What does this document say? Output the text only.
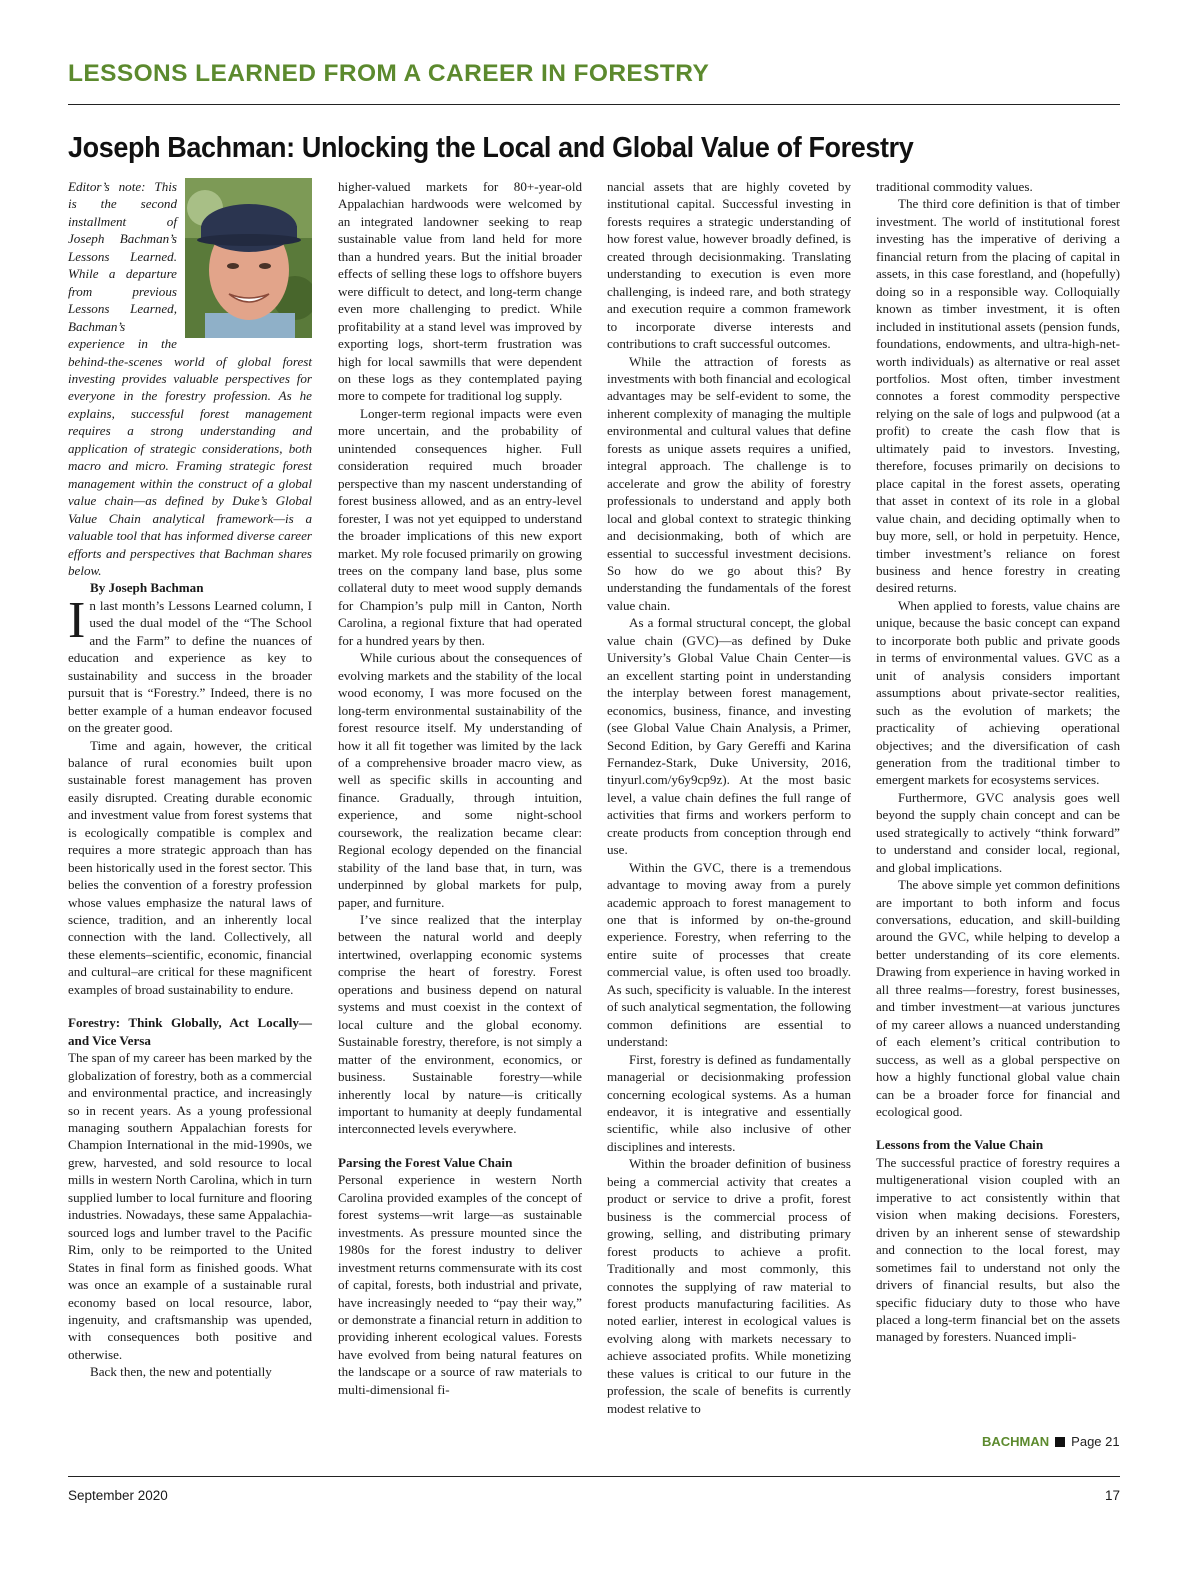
LESSONS LEARNED FROM A CAREER IN FORESTRY
Joseph Bachman: Unlocking the Local and Global Value of Forestry

Editor’s note: This is the second installment of Joseph Bachman’s Lessons Learned. While a departure from previous Lessons Learned, Bachman’s experience in the behind-the-scenes world of global forest investing provides valuable perspectives for everyone in the forestry profession. As he explains, successful forest management requires a strong understanding and application of strategic considerations, both macro and micro. Framing strategic forest management within the construct of a global value chain—as defined by Duke’s Global Value Chain analytical framework—is a valuable tool that has informed diverse career efforts and perspectives that Bachman shares below.

By Joseph Bachman

In last month’s Lessons Learned column, I used the dual model of the “The School and the Farm” to define the nuances of education and experience as key to sustainability and success in the broader pursuit that is “Forestry.” Indeed, there is no better example of a human endeavor focused on the greater good.

Time and again, however, the critical balance of rural economies built upon sustainable forest management has proven easily disrupted. Creating durable economic and investment value from forest systems that is ecologically compatible is complex and requires a more strategic approach than has been historically used in the forest sector. This belies the convention of a forestry profession whose values emphasize the natural laws of science, tradition, and an inherently local connection with the land. Collectively, all these elements–scientific, economic, financial and cultural–are critical for these magnificent examples of broad sustainability to endure.

Forestry: Think Globally, Act Locally—and Vice Versa

The span of my career has been marked by the globalization of forestry, both as a commercial and environmental practice, and increasingly so in recent years. As a young professional managing southern Appalachian forests for Champion International in the mid-1990s, we grew, harvested, and sold resource to local mills in western North Carolina, which in turn supplied lumber to local furniture and flooring industries. Nowadays, these same Appalachia-sourced logs and lumber travel to the Pacific Rim, only to be reimported to the United States in final form as finished goods. What was once an example of a sustainable rural economy based on local resource, labor, ingenuity, and craftsmanship was upended, with consequences both positive and otherwise.

Back then, the new and potentially

higher-valued markets for 80+-year-old Appalachian hardwoods were welcomed by an integrated landowner seeking to reap sustainable value from land held for more than a hundred years. But the initial broader effects of selling these logs to offshore buyers were difficult to detect, and long-term change even more challenging to predict. While profitability at a stand level was improved by exporting logs, short-term frustration was high for local sawmills that were dependent on these logs as they contemplated paying more to compete for traditional log supply.

Longer-term regional impacts were even more uncertain, and the probability of unintended consequences higher. Full consideration required much broader perspective than my nascent understanding of forest business allowed, and as an entry-level forester, I was not yet equipped to understand the broader implications of this new export market. My role focused primarily on growing trees on the company land base, plus some collateral duty to meet wood supply demands for Champion’s pulp mill in Canton, North Carolina, a regional fixture that had operated for a hundred years by then.

While curious about the consequences of evolving markets and the stability of the local wood economy, I was more focused on the long-term environmental sustainability of the forest resource itself. My understanding of how it all fit together was limited by the lack of a comprehensive broader macro view, as well as specific skills in accounting and finance. Gradually, through intuition, experience, and some night-school coursework, the realization became clear: Regional ecology depended on the financial stability of the land base that, in turn, was underpinned by global markets for pulp, paper, and furniture.

I’ve since realized that the interplay between the natural world and deeply intertwined, overlapping economic systems comprise the heart of forestry. Forest operations and business depend on natural systems and must coexist in the context of local culture and the global economy. Sustainable forestry, therefore, is not simply a matter of the environment, economics, or business. Sustainable forestry—while inherently local by nature—is critically important to humanity at deeply fundamental interconnected levels everywhere.

Parsing the Forest Value Chain

Personal experience in western North Carolina provided examples of the concept of forest systems—writ large—as sustainable investments. As pressure mounted since the 1980s for the forest industry to deliver investment returns commensurate with its cost of capital, forests, both industrial and private, have increasingly needed to “pay their way,” or demonstrate a financial return in addition to providing inherent ecological values. Forests have evolved from being natural features on the landscape or a source of raw materials to multi-dimensional fi-

nancial assets that are highly coveted by institutional capital. Successful investing in forests requires a strategic understanding of how forest value, however broadly defined, is created through decisionmaking. Translating understanding to execution is even more challenging, is indeed rare, and both strategy and execution require a common framework to incorporate diverse interests and contributions to craft successful outcomes.

While the attraction of forests as investments with both financial and ecological advantages may be self-evident to some, the inherent complexity of managing the multiple environmental and cultural values that define forests as unique assets requires a unified, integral approach. The challenge is to accelerate and grow the ability of forestry professionals to understand and apply both local and global context to strategic thinking and decisionmaking, both of which are essential to successful investment decisions. So how do we go about this? By understanding the fundamentals of the forest value chain.

As a formal structural concept, the global value chain (GVC)—as defined by Duke University’s Global Value Chain Center—is an excellent starting point in understanding the interplay between forest management, economics, business, finance, and investing (see Global Value Chain Analysis, a Primer, Second Edition, by Gary Gereffi and Karina Fernandez-Stark, Duke University, 2016, tinyurl.com/y6y9cp9z). At the most basic level, a value chain defines the full range of activities that firms and workers perform to create products from conception through end use.

Within the GVC, there is a tremendous advantage to moving away from a purely academic approach to forest management to one that is informed by on-the-ground experience. Forestry, when referring to the entire suite of processes that create commercial value, is often used too broadly. As such, specificity is valuable. In the interest of such analytical segmentation, the following common definitions are essential to understand:

First, forestry is defined as fundamentally managerial or decisionmaking profession concerning ecological systems. As a human endeavor, it is integrative and essentially scientific, while also inclusive of other disciplines and interests.

Within the broader definition of business being a commercial activity that creates a product or service to drive a profit, forest business is the commercial process of growing, selling, and distributing primary forest products to achieve a profit. Traditionally and most commonly, this connotes the supplying of raw material to forest products manufacturing facilities. As noted earlier, interest in ecological values is evolving along with markets necessary to achieve associated profits. While monetizing these values is critical to our future in the profession, the scale of benefits is currently modest relative to

traditional commodity values.

The third core definition is that of timber investment. The world of institutional forest investing has the imperative of deriving a financial return from the placing of capital in assets, in this case forestland, and (hopefully) doing so in a responsible way. Colloquially known as timber investment, it is often included in institutional assets (pension funds, foundations, endowments, and ultra-high-net-worth individuals) as alternative or real asset portfolios. Most often, timber investment connotes a forest commodity perspective relying on the sale of logs and pulpwood (at a profit) to create the cash flow that is ultimately paid to investors. Investing, therefore, focuses primarily on decisions to place capital in the forest assets, operating that asset in context of its role in a global value chain, and deciding optimally when to buy more, sell, or hold in perpetuity. Hence, timber investment’s reliance on forest business and hence forestry in creating desired returns.

When applied to forests, value chains are unique, because the basic concept can expand to incorporate both public and private goods in terms of environmental values. GVC as a unit of analysis considers important assumptions about private-sector realities, such as the evolution of markets; the practicality of achieving operational objectives; and the diversification of cash generation from the traditional timber to emergent markets for ecosystems services.

Furthermore, GVC analysis goes well beyond the supply chain concept and can be used strategically to actively “think forward” to understand and consider local, regional, and global implications.

The above simple yet common definitions are important to both inform and focus conversations, education, and skill-building around the GVC, while helping to develop a better understanding of its core elements. Drawing from experience in having worked in all three realms—forestry, forest businesses, and timber investment—at various junctures of my career allows a nuanced understanding of each element’s critical contribution to success, as well as a global perspective on how a highly functional global value chain can be a broader force for financial and ecological good.

Lessons from the Value Chain

The successful practice of forestry requires a multigenerational vision coupled with an imperative to act consistently within that vision when making decisions. Foresters, driven by an inherent sense of stewardship and connection to the local forest, may sometimes fail to understand not only the drivers of financial results, but also the specific fiduciary duty to those who have placed a long-term financial bet on the assets managed by foresters. Nuanced impli-

BACHMAN Page 21
September 2020	17
